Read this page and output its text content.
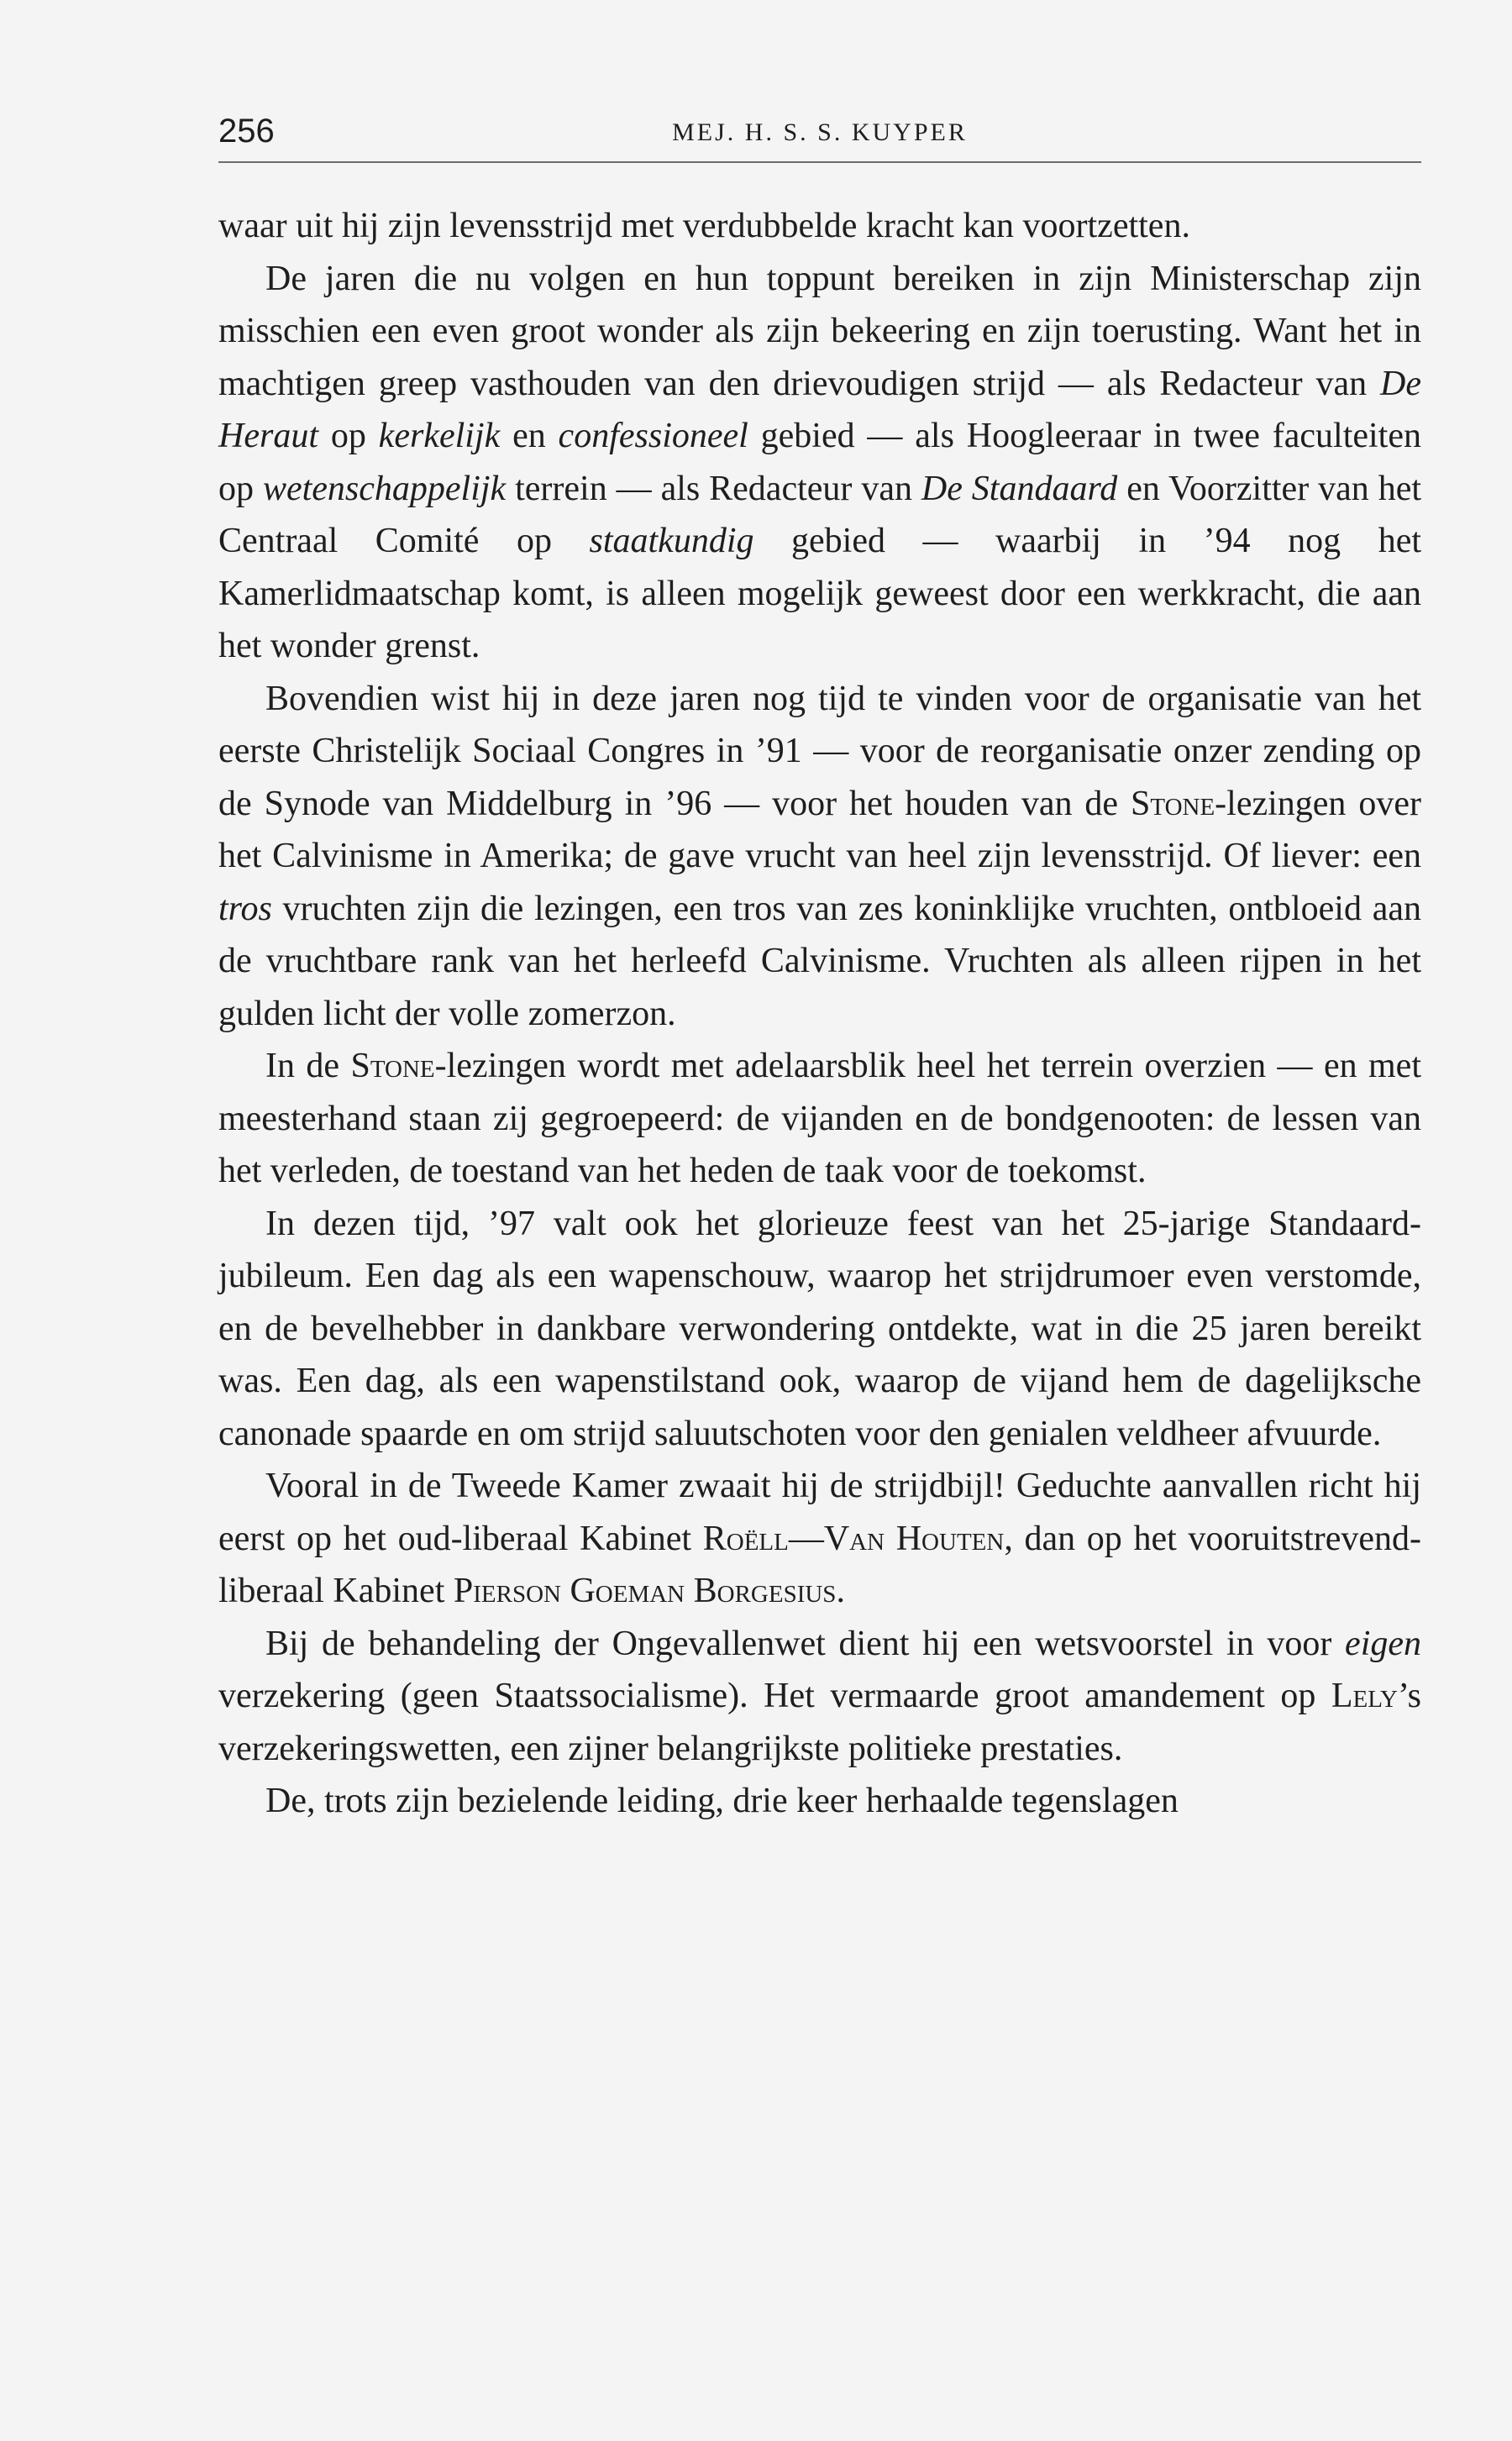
256	MEJ. H. S. S. KUYPER

waar uit hij zijn levensstrijd met verdubbelde kracht kan voortzetten.

De jaren die nu volgen en hun toppunt bereiken in zijn Ministerschap zijn misschien een even groot wonder als zijn bekeering en zijn toerusting. Want het in machtigen greep vasthouden van den drievoudigen strijd — als Redacteur van De Heraut op kerkelijk en confessioneel gebied — als Hoogleeraar in twee faculteiten op wetenschappelijk terrein — als Redacteur van De Standaard en Voorzitter van het Centraal Comité op staatkundig gebied — waarbij in ’94 nog het Kamerlidmaatschap komt, is alleen mogelijk geweest door een werkkracht, die aan het wonder grenst.

Bovendien wist hij in deze jaren nog tijd te vinden voor de organisatie van het eerste Christelijk Sociaal Congres in ’91 — voor de reorganisatie onzer zending op de Synode van Middelburg in ’96 — voor het houden van de Stone-lezingen over het Calvinisme in Amerika; de gave vrucht van heel zijn levensstrijd. Of liever: een tros vruchten zijn die lezingen, een tros van zes koninklijke vruchten, ontbloeid aan de vruchtbare rank van het herleefd Calvinisme. Vruchten als alleen rijpen in het gulden licht der volle zomerzon.

In de Stone-lezingen wordt met adelaarsblik heel het terrein overzien — en met meesterhand staan zij gegroepeerd: de vijanden en de bondgenooten: de lessen van het verleden, de toestand van het heden de taak voor de toekomst.

In dezen tijd, ’97 valt ook het glorieuze feest van het 25-jarige Standaard-jubileum. Een dag als een wapenschouw, waarop het strijdrumoer even verstomde, en de bevelhebber in dankbare verwondering ontdekte, wat in die 25 jaren bereikt was. Een dag, als een wapenstilstand ook, waarop de vijand hem de dagelijksche canonade spaarde en om strijd saluutschoten voor den genialen veldheer afvuurde.

Vooral in de Tweede Kamer zwaait hij de strijdbijl! Geduchte aanvallen richt hij eerst op het oud-liberaal Kabinet Roëll—Van Houten, dan op het vooruitstrevend-liberaal Kabinet Pierson Goeman Borgesius.

Bij de behandeling der Ongevallenwet dient hij een wetsvoorstel in voor eigen verzekering (geen Staatssocialisme). Het vermaarde groot amandement op Lely’s verzekeringswetten, een zijner belangrijkste politieke prestaties.

De, trots zijn bezielende leiding, drie keer herhaalde tegenslagen
